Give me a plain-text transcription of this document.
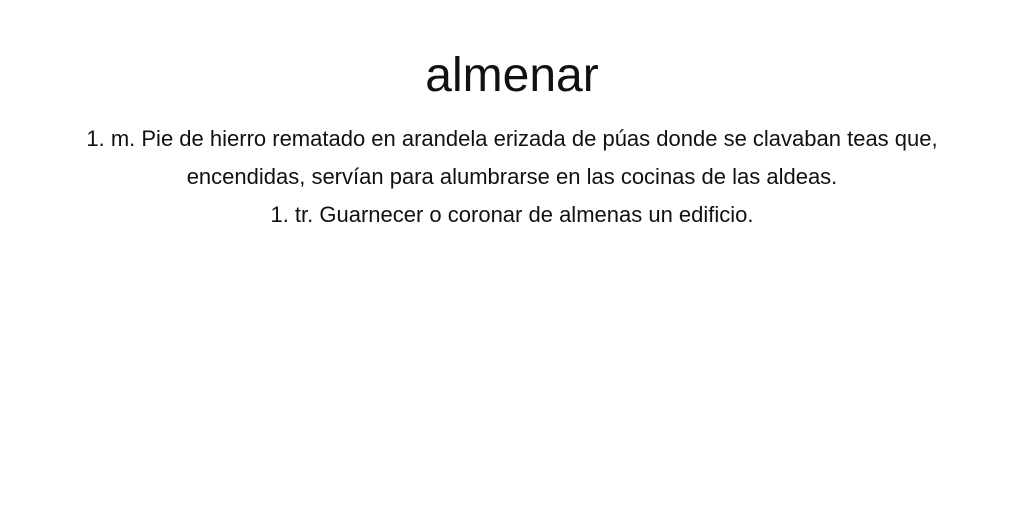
almenar

1. m. Pie de hierro rematado en arandela erizada de púas donde se clavaban teas que, encendidas, servían para alumbrarse en las cocinas de las aldeas.

1. tr. Guarnecer o coronar de almenas un edificio.
